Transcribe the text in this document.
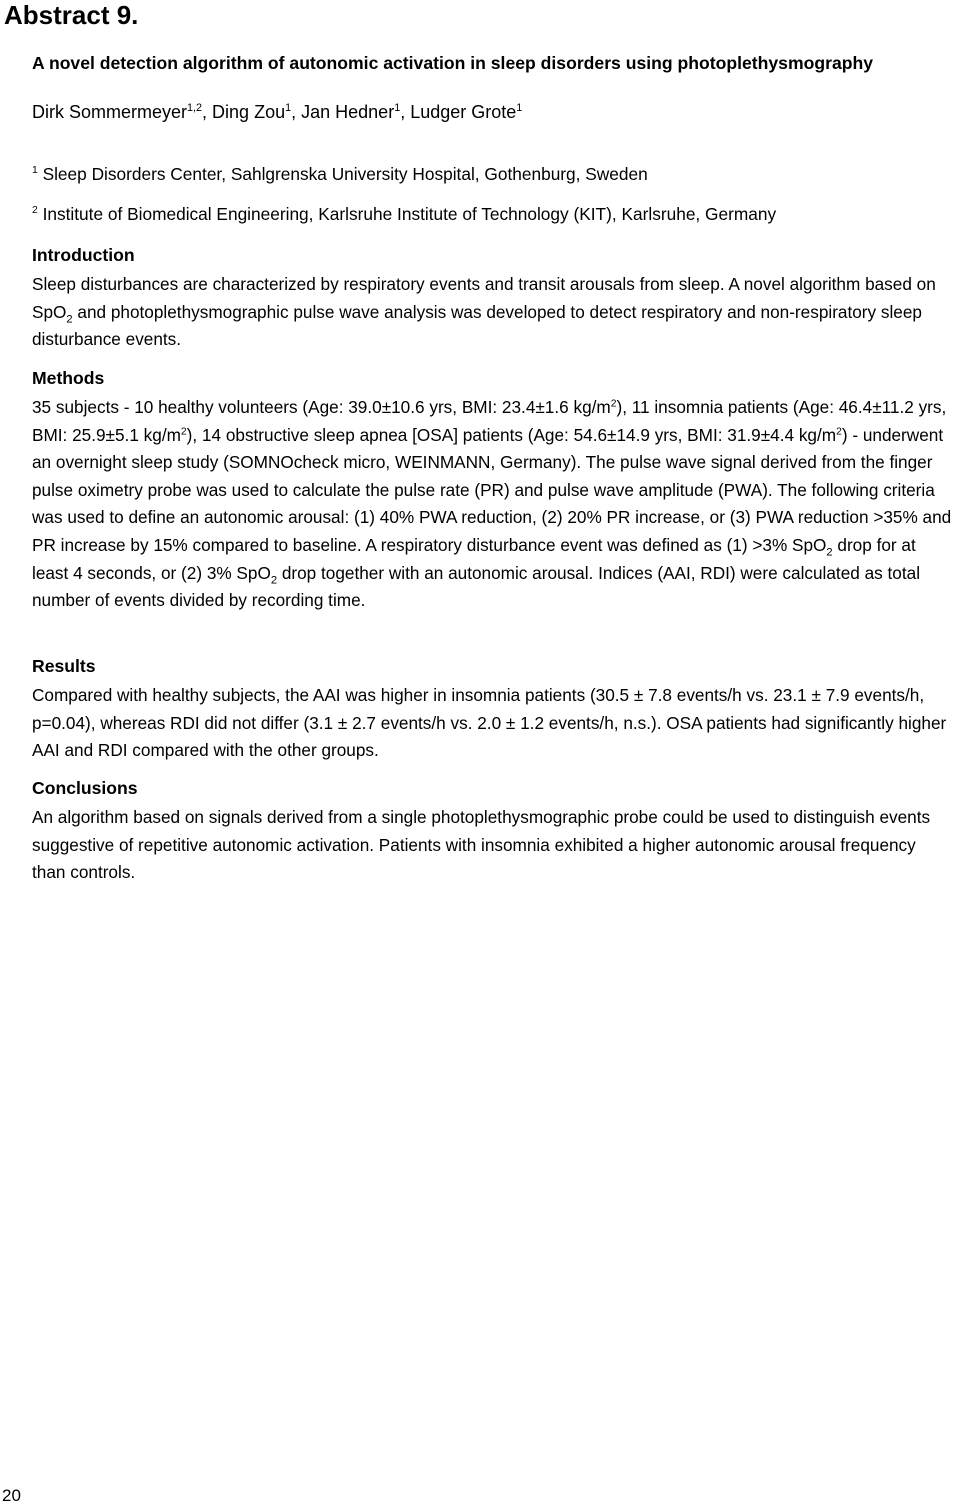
Abstract 9.
A novel detection algorithm of autonomic activation in sleep disorders using photoplethysmography
Dirk Sommermeyer$^{1,2}$, Ding Zou$^1$, Jan Hedner$^1$, Ludger Grote$^1$
$^1$ Sleep Disorders Center, Sahlgrenska University Hospital, Gothenburg, Sweden
$^2$ Institute of Biomedical Engineering, Karlsruhe Institute of Technology (KIT), Karlsruhe, Germany
Introduction
Sleep disturbances are characterized by respiratory events and transit arousals from sleep. A novel algorithm based on SpO$_2$ and photoplethysmographic pulse wave analysis was developed to detect respiratory and non-respiratory sleep disturbance events.
Methods
35 subjects - 10 healthy volunteers (Age: 39.0±10.6 yrs, BMI: 23.4±1.6 $kg/m^2$), 11 insomnia patients (Age: 46.4±11.2 yrs, BMI: 25.9±5.1 $kg/m^2$), 14 obstructive sleep apnea [OSA] patients (Age: 54.6±14.9 yrs, BMI: 31.9±4.4 $kg/m^2$) - underwent an overnight sleep study (SOMNOcheck micro, WEINMANN, Germany). The pulse wave signal derived from the finger pulse oximetry probe was used to calculate the pulse rate (PR) and pulse wave amplitude (PWA). The following criteria was used to define an autonomic arousal: (1) 40% PWA reduction, (2) 20% PR increase, or (3) PWA reduction >35% and PR increase by 15% compared to baseline. A respiratory disturbance event was defined as (1) >3% SpO$_2$ drop for at least 4 seconds, or (2) 3% SpO$_2$ drop together with an autonomic arousal. Indices (AAI, RDI) were calculated as total number of events divided by recording time.
Results
Compared with healthy subjects, the AAI was higher in insomnia patients (30.5 ± 7.8 events/h vs. 23.1 ± 7.9 events/h, p=0.04), whereas RDI did not differ (3.1 ± 2.7 events/h vs. 2.0 ± 1.2 events/h, n.s.). OSA patients had significantly higher AAI and RDI compared with the other groups.
Conclusions
An algorithm based on signals derived from a single photoplethysmographic probe could be used to distinguish events suggestive of repetitive autonomic activation. Patients with insomnia exhibited a higher autonomic arousal frequency than controls.
20
